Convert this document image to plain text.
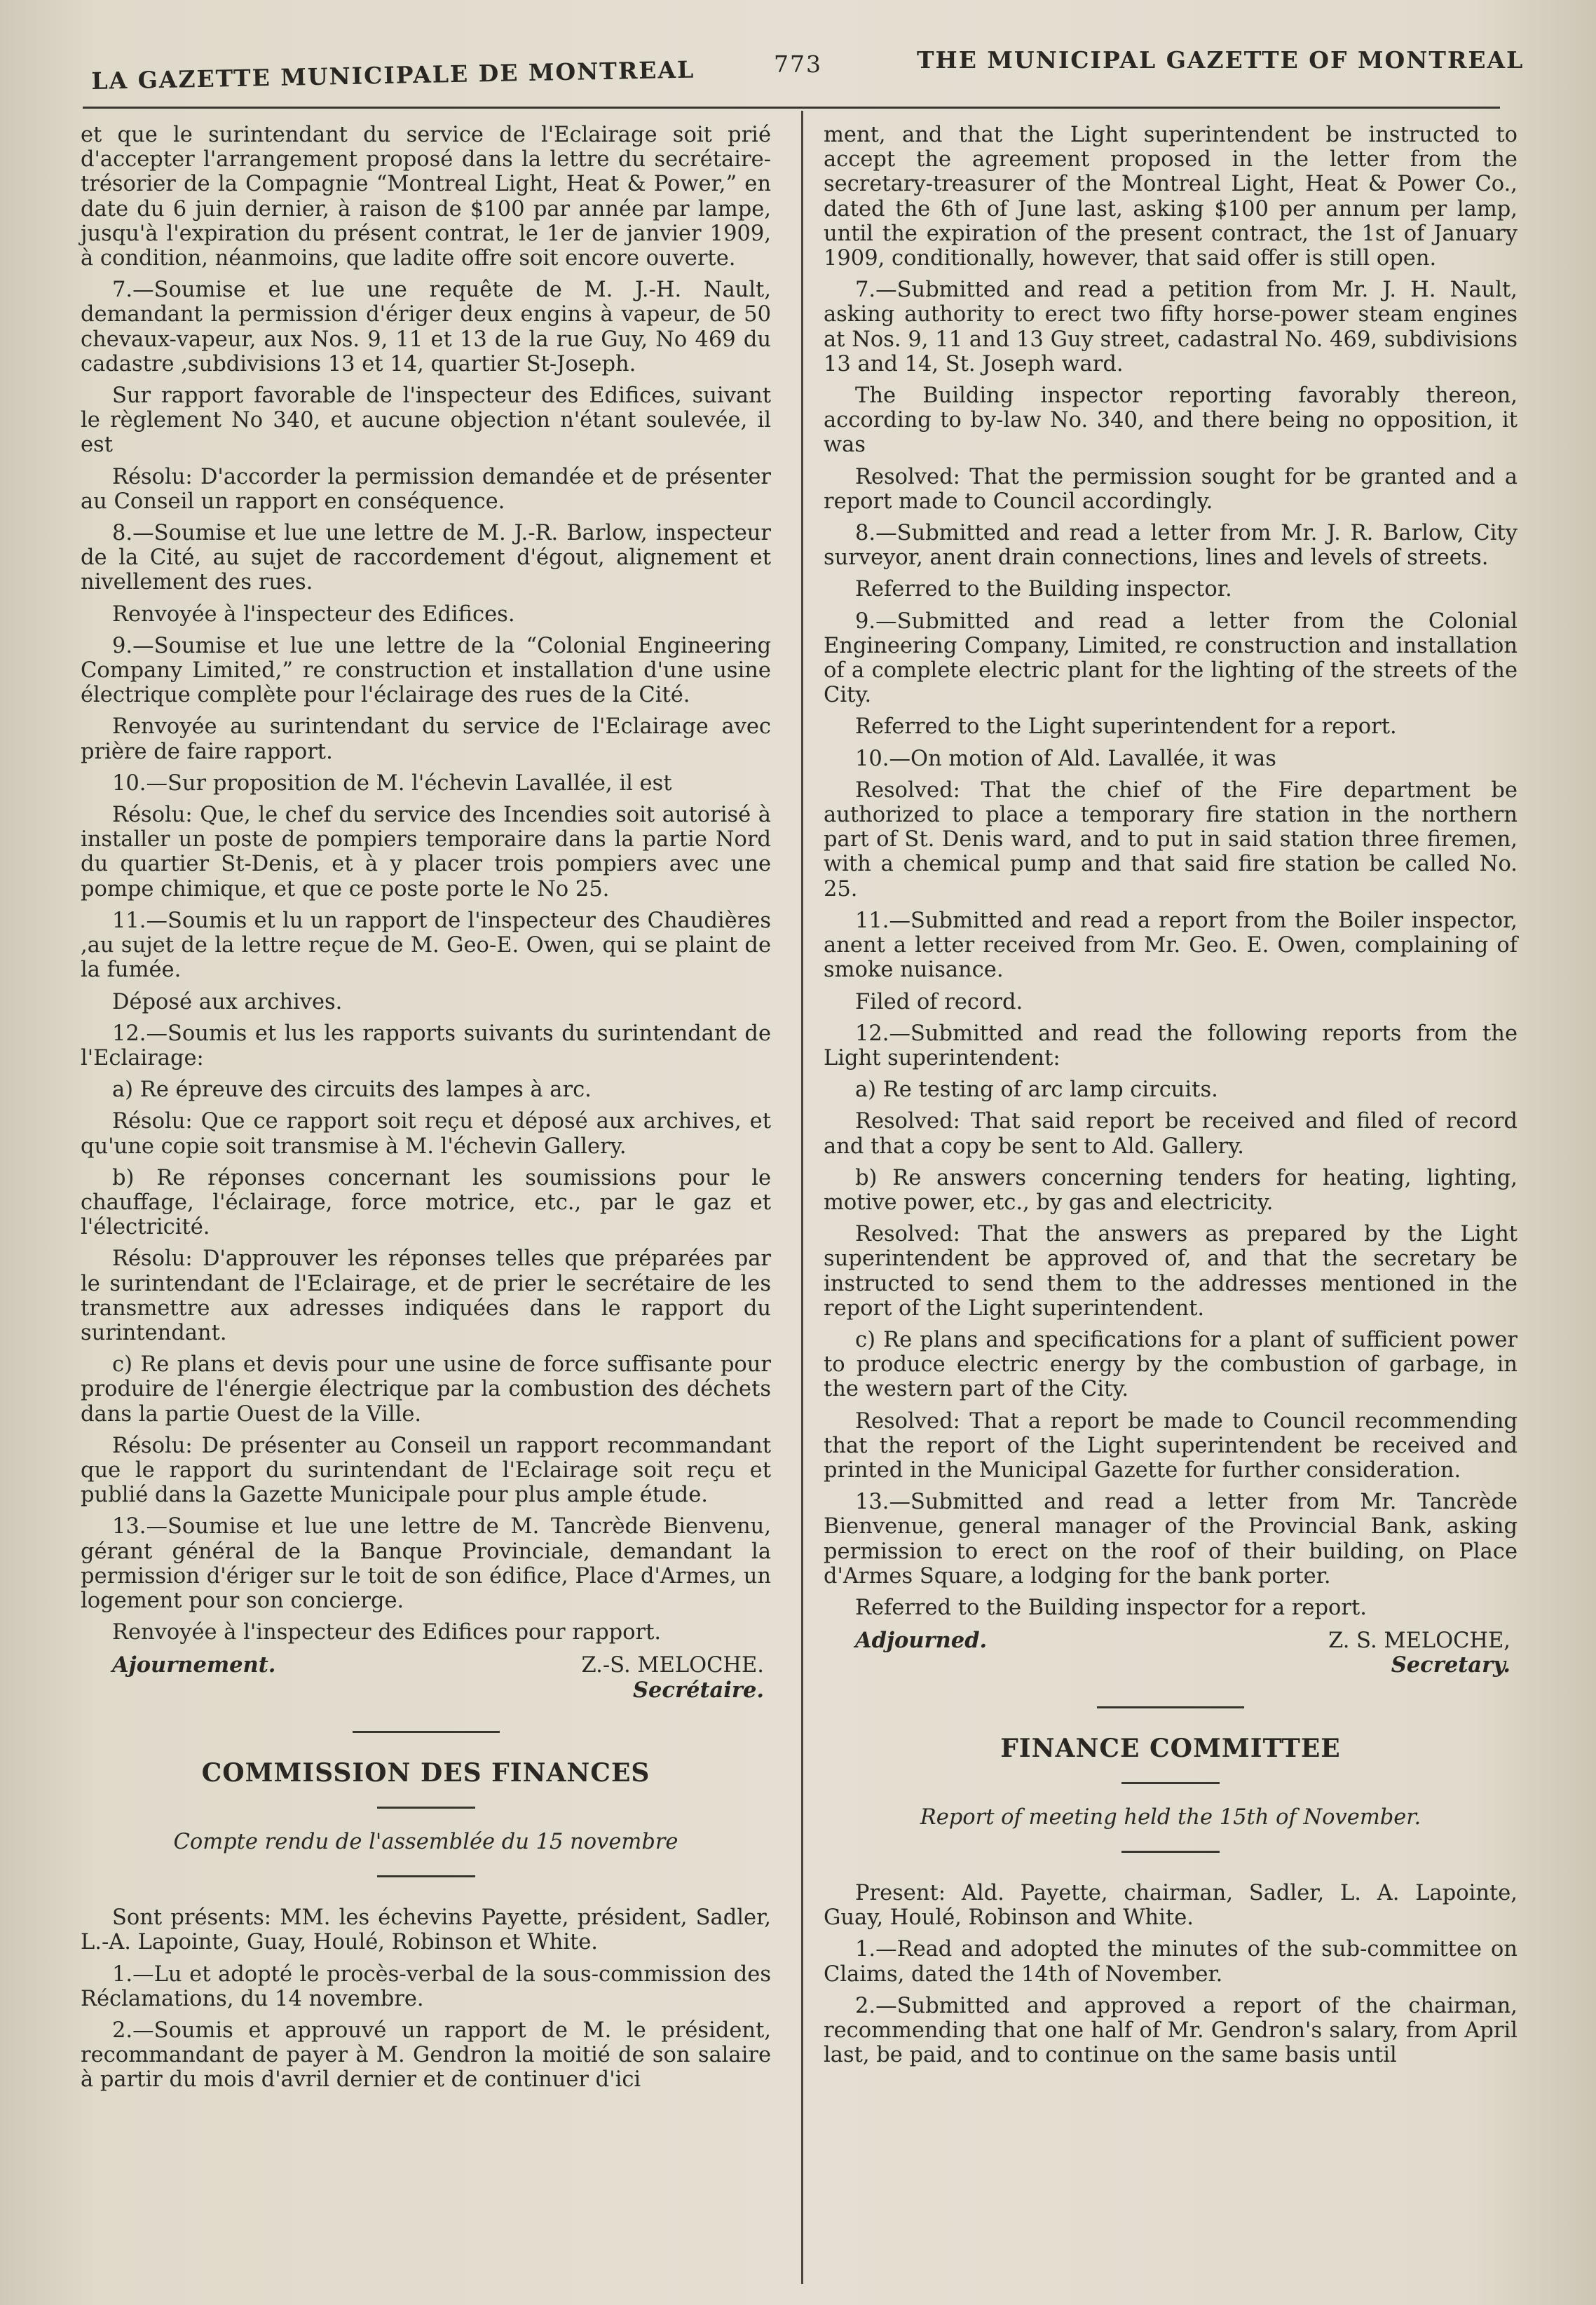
LA GAZETTE MUNICIPALE DE MONTREAL	773	THE MUNICIPAL GAZETTE OF MONTREAL

et que le surintendant du service de l'Eclairage soit prié d'accepter l'arrangement proposé dans la lettre du secrétaire-trésorier de la Compagnie “Montreal Light, Heat & Power,” en date du 6 juin dernier, à raison de $100 par année par lampe, jusqu'à l'expiration du présent contrat, le 1er de janvier 1909, à condition, néanmoins, que ladite offre soit encore ouverte.

7.—Soumise et lue une requête de M. J.-H. Nault, demandant la permission d'ériger deux engins à vapeur, de 50 chevaux-vapeur, aux Nos. 9, 11 et 13 de la rue Guy, No 469 du cadastre ,subdivisions 13 et 14, quartier St-Joseph.

Sur rapport favorable de l'inspecteur des Edifices, suivant le règlement No 340, et aucune objection n'étant soulevée, il est

Résolu: D'accorder la permission demandée et de présenter au Conseil un rapport en conséquence.

8.—Soumise et lue une lettre de M. J.-R. Barlow, inspecteur de la Cité, au sujet de raccordement d'égout, alignement et nivellement des rues.

Renvoyée à l'inspecteur des Edifices.

9.—Soumise et lue une lettre de la “Colonial Engineering Company Limited,” re construction et installation d'une usine électrique complète pour l'éclairage des rues de la Cité.

Renvoyée au surintendant du service de l'Eclairage avec prière de faire rapport.

10.—Sur proposition de M. l'échevin Lavallée, il est

Résolu: Que, le chef du service des Incendies soit autorisé à installer un poste de pompiers temporaire dans la partie Nord du quartier St-Denis, et à y placer trois pompiers avec une pompe chimique, et que ce poste porte le No 25.

11.—Soumis et lu un rapport de l'inspecteur des Chaudières ,au sujet de la lettre reçue de M. Geo-E. Owen, qui se plaint de la fumée.

Déposé aux archives.

12.—Soumis et lus les rapports suivants du surintendant de l'Eclairage:

a) Re épreuve des circuits des lampes à arc.

Résolu: Que ce rapport soit reçu et déposé aux archives, et qu'une copie soit transmise à M. l'échevin Gallery.

b) Re réponses concernant les soumissions pour le chauffage, l'éclairage, force motrice, etc., par le gaz et l'électricité.

Résolu: D'approuver les réponses telles que préparées par le surintendant de l'Eclairage, et de prier le secrétaire de les transmettre aux adresses indiquées dans le rapport du surintendant.

c) Re plans et devis pour une usine de force suffisante pour produire de l'énergie électrique par la combustion des déchets dans la partie Ouest de la Ville.

Résolu: De présenter au Conseil un rapport recommandant que le rapport du surintendant de l'Eclairage soit reçu et publié dans la Gazette Municipale pour plus ample étude.

13.—Soumise et lue une lettre de M. Tancrède Bienvenu, gérant général de la Banque Provinciale, demandant la permission d'ériger sur le toit de son édifice, Place d'Armes, un logement pour son concierge.

Renvoyée à l'inspecteur des Edifices pour rapport.

Ajournement.	Z.-S. MELOCHE.
Secrétaire.
COMMISSION DES FINANCES

Compte rendu de l'assemblée du 15 novembre

Sont présents: MM. les échevins Payette, président, Sadler, L.-A. Lapointe, Guay, Houlé, Robinson et White.

1.—Lu et adopté le procès-verbal de la sous-commission des Réclamations, du 14 novembre.

2.—Soumis et approuvé un rapport de M. le président, recommandant de payer à M. Gendron la moitié de son salaire à partir du mois d'avril dernier et de continuer d'ici

ment, and that the Light superintendent be instructed to accept the agreement proposed in the letter from the secretary-treasurer of the Montreal Light, Heat & Power Co., dated the 6th of June last, asking $100 per annum per lamp, until the expiration of the present contract, the 1st of January 1909, conditionally, however, that said offer is still open.

7.—Submitted and read a petition from Mr. J. H. Nault, asking authority to erect two fifty horse-power steam engines at Nos. 9, 11 and 13 Guy street, cadastral No. 469, subdivisions 13 and 14, St. Joseph ward.

The Building inspector reporting favorably thereon, according to by-law No. 340, and there being no opposition, it was

Resolved: That the permission sought for be granted and a report made to Council accordingly.

8.—Submitted and read a letter from Mr. J. R. Barlow, City surveyor, anent drain connections, lines and levels of streets.

Referred to the Building inspector.

9.—Submitted and read a letter from the Colonial Engineering Company, Limited, re construction and installation of a complete electric plant for the lighting of the streets of the City.

Referred to the Light superintendent for a report.

10.—On motion of Ald. Lavallée, it was

Resolved: That the chief of the Fire department be authorized to place a temporary fire station in the northern part of St. Denis ward, and to put in said station three firemen, with a chemical pump and that said fire station be called No. 25.

11.—Submitted and read a report from the Boiler inspector, anent a letter received from Mr. Geo. E. Owen, complaining of smoke nuisance.

Filed of record.

12.—Submitted and read the following reports from the Light superintendent:

a) Re testing of arc lamp circuits.

Resolved: That said report be received and filed of record and that a copy be sent to Ald. Gallery.

b) Re answers concerning tenders for heating, lighting, motive power, etc., by gas and electricity.

Resolved: That the answers as prepared by the Light superintendent be approved of, and that the secretary be instructed to send them to the addresses mentioned in the report of the Light superintendent.

c) Re plans and specifications for a plant of sufficient power to produce electric energy by the combustion of garbage, in the western part of the City.

Resolved: That a report be made to Council recommending that the report of the Light superintendent be received and printed in the Municipal Gazette for further consideration.

13.—Submitted and read a letter from Mr. Tancrède Bienvenue, general manager of the Provincial Bank, asking permission to erect on the roof of their building, on Place d'Armes Square, a lodging for the bank porter.

Referred to the Building inspector for a report.

Adjourned.	Z. S. MELOCHE,
Secretary.
FINANCE COMMITTEE

Report of meeting held the 15th of November.

Present: Ald. Payette, chairman, Sadler, L. A. Lapointe, Guay, Houlé, Robinson and White.

1.—Read and adopted the minutes of the sub-committee on Claims, dated the 14th of November.

2.—Submitted and approved a report of the chairman, recommending that one half of Mr. Gendron's salary, from April last, be paid, and to continue on the same basis until
